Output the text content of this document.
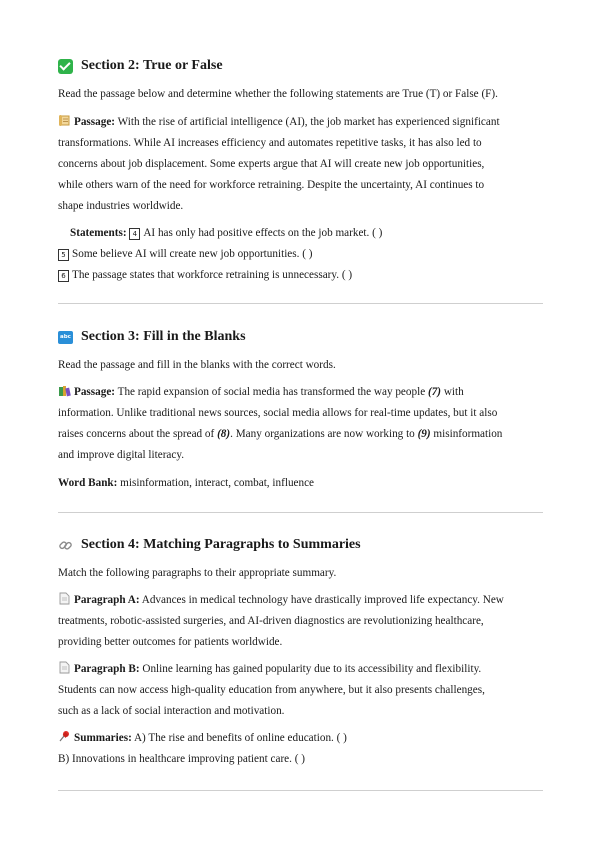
Section 2: True or False

Read the passage below and determine whether the following statements are True (T) or False (F).

Passage: With the rise of artificial intelligence (AI), the job market has experienced significant

transformations. While AI increases efficiency and automates repetitive tasks, it has also led to

concerns about job displacement. Some experts argue that AI will create new job opportunities,

while others warn of the need for workforce retraining. Despite the uncertainty, AI continues to

shape industries worldwide.

Statements: 4 AI has only had positive effects on the job market. ( )

5 Some believe AI will create new job opportunities. ( )

6 The passage states that workforce retraining is unnecessary. ( )

abc Section 3: Fill in the Blanks

Read the passage and fill in the blanks with the correct words.

Passage: The rapid expansion of social media has transformed the way people (7) with

information. Unlike traditional news sources, social media allows for real-time updates, but it also

raises concerns about the spread of (8). Many organizations are now working to (9) misinformation

and improve digital literacy.

Word Bank: misinformation, interact, combat, influence

Section 4: Matching Paragraphs to Summaries

Match the following paragraphs to their appropriate summary.

Paragraph A: Advances in medical technology have drastically improved life expectancy. New

treatments, robotic-assisted surgeries, and AI-driven diagnostics are revolutionizing healthcare,

providing better outcomes for patients worldwide.

Paragraph B: Online learning has gained popularity due to its accessibility and flexibility.

Students can now access high-quality education from anywhere, but it also presents challenges,

such as a lack of social interaction and motivation.

Summaries: A) The rise and benefits of online education. ( )

B) Innovations in healthcare improving patient care. ( )
